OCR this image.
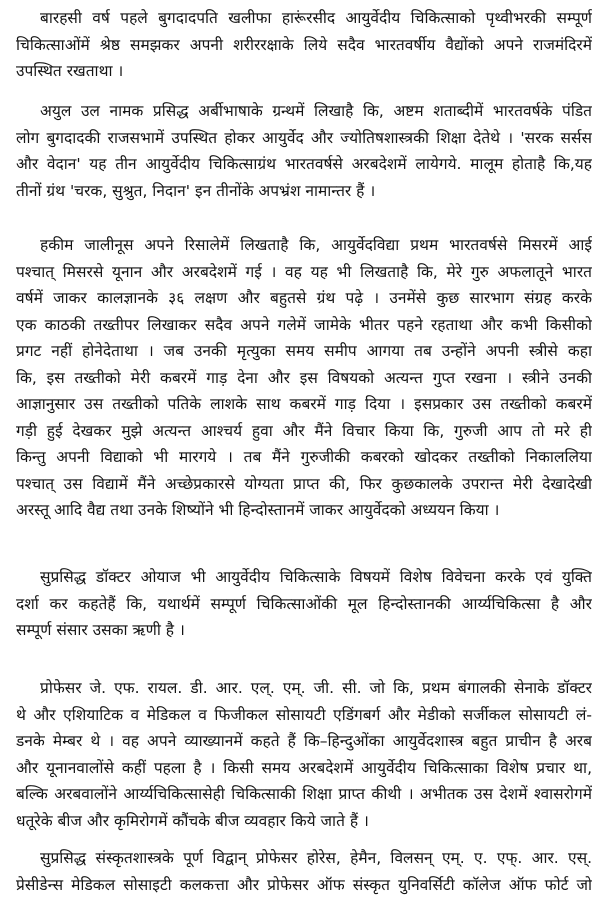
बारहसी वर्ष पहले बुगदादपति खलीफा हारूंरसीद आयुर्वेदीय चिकित्साको पृथ्वीभरकी सम्पूर्ण
चिकित्साओंमें श्रेष्ठ समझकर अपनी शरीररक्षाके लिये सदैव भारतवर्षीय वैद्योंको अपने राजमंदिरमें
उपस्थित रखताथा ।
अयुल उल नामक प्रसिद्ध अर्बीभाषाके ग्रन्थमें लिखाहै कि, अष्टम शताब्दीमें भारतवर्षके पंडित
लोग बुगदादकी राजसभामें उपस्थित होकर आयुर्वेद और ज्योतिषशास्त्रकी शिक्षा देतेथे । 'सरक सर्सस
और वेदान' यह तीन आयुर्वेदीय चिकित्साग्रंथ भारतवर्षसे अरबदेशमें लायेगये. मालूम होताहै कि,यह
तीनों ग्रंथ 'चरक, सुश्रुत, निदान' इन तीनोंके अपभ्रंश नामान्तर हैं ।
हकीम जालीनूस अपने रिसालेमें लिखताहै कि, आयुर्वेदविद्या प्रथम भारतवर्षसे मिसरमें आई
पश्चात् मिसरसे यूनान और अरबदेशमें गई । वह यह भी लिखताहै कि, मेरे गुरु अफलातूने भारत
वर्षमें जाकर कालज्ञानके ३६ लक्षण और बहुतसे ग्रंथ पढ़े । उनमेंसे कुछ सारभाग संग्रह करके
एक काठकी तख्तीपर लिखाकर सदैव अपने गलेमें जामेके भीतर पहने रहताथा और कभी किसीको
प्रगट नहीं होनेदेताथा । जब उनकी मृत्युका समय समीप आगया तब उन्होंने अपनी स्त्रीसे कहा
कि, इस तख्तीको मेरी कबरमें गाड़ देना और इस विषयको अत्यन्त गुप्त रखना । स्त्रीने उनकी
आज्ञानुसार उस तख्तीको पतिके लाशके साथ कबरमें गाड़ दिया । इसप्रकार उस तख्तीको कबरमें
गड़ी हुई देखकर मुझे अत्यन्त आश्चर्य हुवा और मैंने विचार किया कि, गुरुजी आप तो मरे ही
किन्तु अपनी विद्याको भी मारगये । तब मैंने गुरुजीकी कबरको खोदकर तख्तीको निकाललिया
पश्चात् उस विद्यामें मैंने अच्छेप्रकारसे योग्यता प्राप्त की, फिर कुछकालके उपरान्त मेरी देखादेखी
अरस्तू आदि वैद्य तथा उनके शिष्योंने भी हिन्दोस्तानमें जाकर आयुर्वेदको अध्ययन किया ।
सुप्रसिद्ध डॉक्टर ओयाज भी आयुर्वेदीय चिकित्साके विषयमें विशेष विवेचना करके एवं युक्ति
दर्शा कर कहतेहैं कि, यथार्थमें सम्पूर्ण चिकित्साओंकी मूल हिन्दोस्तानकी आर्य्यचिकित्सा है और
सम्पूर्ण संसार उसका ऋणी है ।
प्रोफेसर जे. एफ. रायल. डी. आर. एल्. एम्. जी. सी. जो कि, प्रथम बंगालकी सेनाके डॉक्टर
थे और एशियाटिक व मेडिकल व फिजीकल सोसायटी एडिंगबर्ग और मेडीको सर्जीकल सोसायटी लं-
डनके मेम्बर थे । वह अपने व्याख्यानमें कहते हैं कि–हिन्दुओंका आयुर्वेदशास्त्र बहुत प्राचीन है अरब
और यूनानवालोंसे कहीं पहला है । किसी समय अरबदेशमें आयुर्वेदीय चिकित्साका विशेष प्रचार था,
बल्कि अरबवालोंने आर्य्यचिकित्सासेही चिकित्साकी शिक्षा प्राप्त कीथी । अभीतक उस देशमें श्वासरोगमें
धतूरेके बीज और कृमिरोगमें कौंचके बीज व्यवहार किये जाते हैं ।
सुप्रसिद्ध संस्कृतशास्त्रके पूर्ण विद्वान् प्रोफेसर होरेस, हेमैन, विलसन् एम्. ए. एफ्. आर. एस्.
प्रेसीडेन्स मेडिकल सोसाइटी कलकत्ता और प्रोफेसर ऑफ संस्कृत युनिवर्सिटी कॉलेज ऑफ फोर्ट जो
